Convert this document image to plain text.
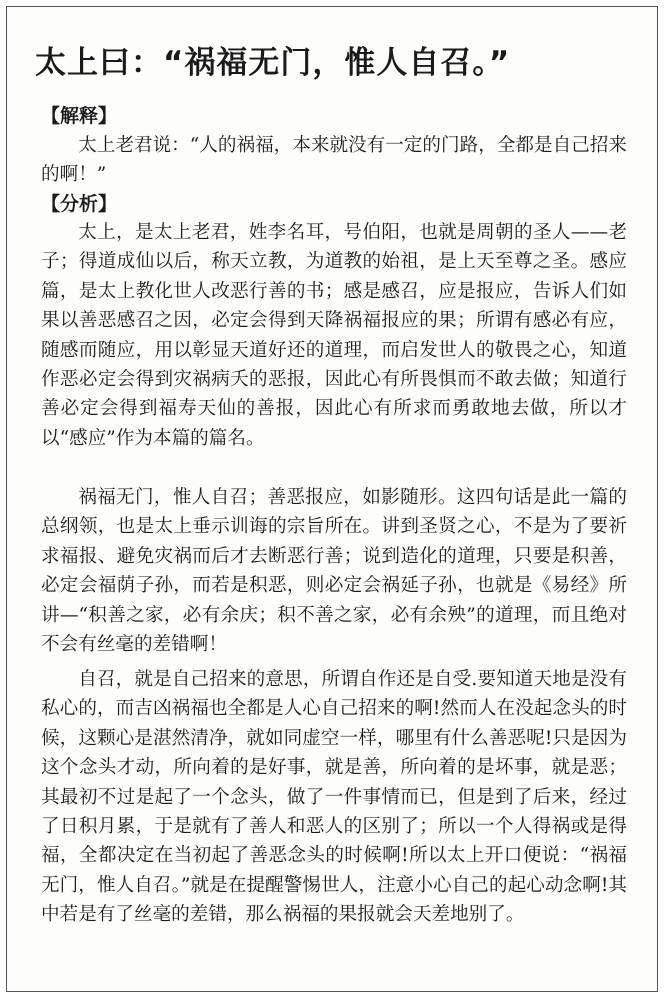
太上曰：“祸福无门，惟人自召。”
【解释】

太上老君说：“人的祸福，本来就没有一定的门路，全都是自己招来的啊！”

【分析】

太上，是太上老君，姓李名耳，号伯阳，也就是周朝的圣人——老子；得道成仙以后，称天立教，为道教的始祖，是上天至尊之圣。感应篇，是太上教化世人改恶行善的书；感是感召，应是报应，告诉人们如果以善恶感召之因，必定会得到天降祸福报应的果；所谓有感必有应，随感而随应，用以彰显天道好还的道理，而启发世人的敬畏之心，知道作恶必定会得到灾祸病夭的恶报，因此心有所畏惧而不敢去做；知道行善必定会得到福寿天仙的善报，因此心有所求而勇敢地去做，所以才以“感应”作为本篇的篇名。

祸福无门，惟人自召；善恶报应，如影随形。这四句话是此一篇的总纲领，也是太上垂示训诲的宗旨所在。讲到圣贤之心，不是为了要祈求福报、避免灾祸而后才去断恶行善；说到造化的道理，只要是积善，必定会福荫子孙，而若是积恶，则必定会祸延子孙，也就是《易经》所讲—“积善之家，必有余庆；积不善之家，必有余殃”的道理，而且绝对不会有丝毫的差错啊！

自召，就是自己招来的意思，所谓自作还是自受.要知道天地是没有私心的，而吉凶祸福也全都是人心自己招来的啊!然而人在没起念头的时候，这颗心是湛然清净，就如同虚空一样，哪里有什么善恶呢!只是因为这个念头才动，所向着的是好事，就是善，所向着的是坏事，就是恶；其最初不过是起了一个念头，做了一件事情而已，但是到了后来，经过了日积月累，于是就有了善人和恶人的区别了；所以一个人得祸或是得福，全都决定在当初起了善恶念头的时候啊!所以太上开口便说：“祸福无门，惟人自召。”就是在提醒警惕世人，注意小心自己的起心动念啊!其中若是有了丝毫的差错，那么祸福的果报就会天差地别了。
